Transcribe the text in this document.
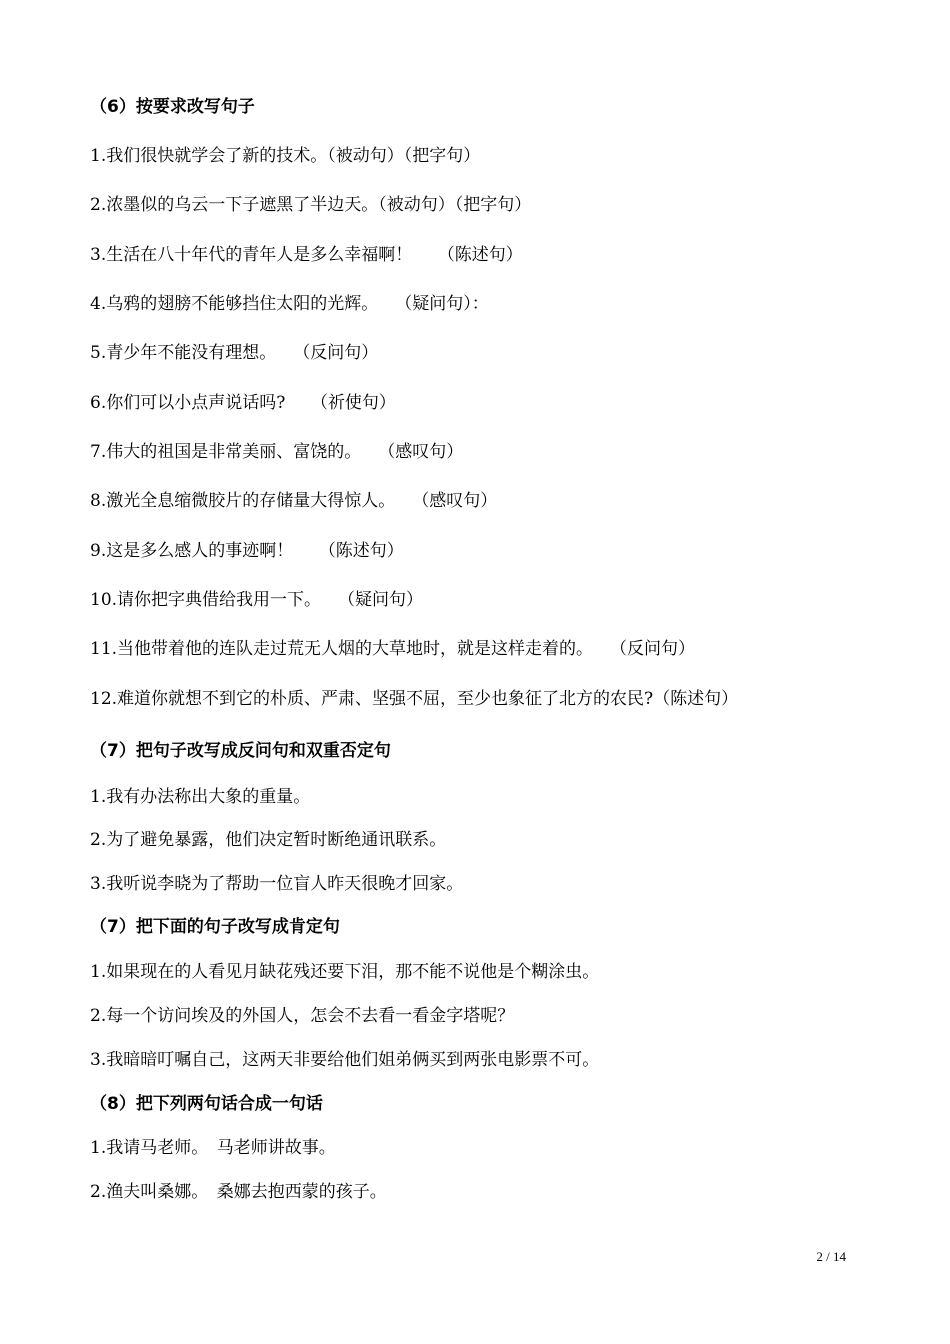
（6）按要求改写句子
1.我们很快就学会了新的技术。（被动句）（把字句）
2.浓墨似的乌云一下子遮黑了半边天。（被动句）（把字句）
3.生活在八十年代的青年人是多么幸福啊！　　（陈述句）
4.乌鸦的翅膀不能够挡住太阳的光辉。　　（疑问句）：
5.青少年不能没有理想。　　（反问句）
6.你们可以小点声说话吗?　　（祈使句）
7.伟大的祖国是非常美丽、富饶的。　　（感叹句）
8.激光全息缩微胶片的存储量大得惊人。　　（感叹句）
9.这是多么感人的事迹啊！　　（陈述句）
10.请你把字典借给我用一下。　　（疑问句）
11.当他带着他的连队走过荒无人烟的大草地时，就是这样走着的。　　（反问句）
12.难道你就想不到它的朴质、严肃、坚强不屈，至少也象征了北方的农民?（陈述句）
（7）把句子改写成反问句和双重否定句
1.我有办法称出大象的重量。
2.为了避免暴露，他们决定暂时断绝通讯联系。
3.我听说李晓为了帮助一位盲人昨天很晚才回家。
（7）把下面的句子改写成肯定句
1.如果现在的人看见月缺花残还要下泪，那不能不说他是个糊涂虫。
2.每一个访问埃及的外国人，怎会不去看一看金字塔呢？
3.我暗暗叮嘱自己，这两天非要给他们姐弟俩买到两张电影票不可。
（8）把下列两句话合成一句话
1.我请马老师。　马老师讲故事。
2.渔夫叫桑娜。　桑娜去抱西蒙的孩子。
2 / 14
